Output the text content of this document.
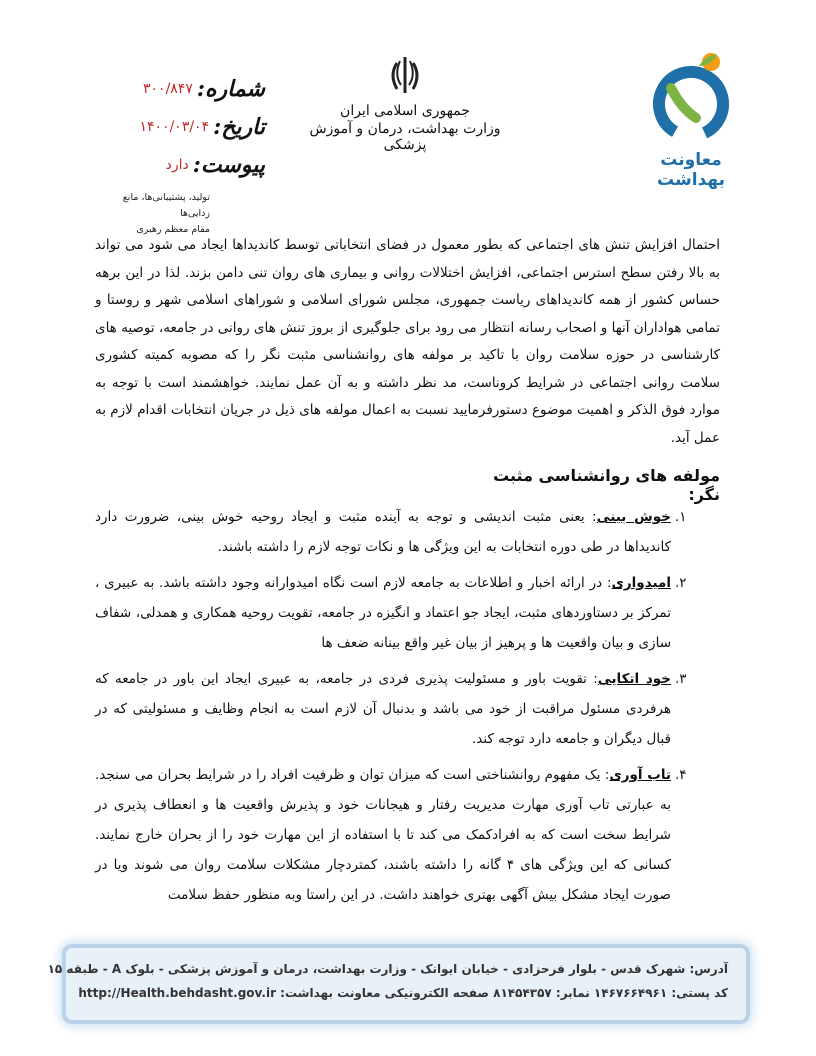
معاونت بهداشت
جمهوری اسلامی ایران
وزارت بهداشت، درمان و آموزش پزشکی
شماره:
۳۰۰/۸۴۷
تاریخ:
۱۴۰۰/۰۳/۰۴
پیوست:
دارد
تولید، پشتیبانی‌ها، مانع زدایی‌ها
مقام معظم رهبری
احتمال افزایش تنش های اجتماعی که بطور معمول در فضای انتخاباتی توسط کاندیداها ایجاد می شود می تواند به بالا رفتن سطح استرس اجتماعی، افزایش اختلالات روانی و بیماری های روان تنی دامن بزند. لذا در این برهه حساس کشور از همه کاندیداهای ریاست جمهوری، مجلس شورای اسلامی و شوراهای اسلامی شهر و روستا و تمامی هواداران آنها و اصحاب رسانه انتظار می رود برای جلوگیری از بروز تنش های روانی در جامعه، توصیه های کارشناسی در حوزه سلامت روان با تاکید بر مولفه های روانشناسی مثبت نگر را که مصوبه کمیته کشوری سلامت روانی اجتماعی در شرایط کروناست، مد نظر داشته و به آن عمل نمایند. خواهشمند است با توجه به موارد فوق الذکر و اهمیت موضوع دستورفرمایید نسبت به اعمال مولفه های ذیل در جریان انتخابات اقدام لازم به عمل آید.
مولفه های روانشناسی مثبت نگر:
۱.
خوش بینی: یعنی مثبت اندیشی و توجه به آینده مثبت و ایجاد روحیه خوش بینی، ضرورت دارد کاندیداها در طی دوره انتخابات به این ویژگی ها و نکات توجه لازم را داشته باشند.
۲.
امیدواری: در ارائه اخبار و اطلاعات به جامعه لازم است نگاه امیدوارانه وجود داشته باشد. به عبیری ، تمرکز بر دستاوردهای مثبت، ایجاد جو اعتماد و انگیزه در جامعه، تقویت روحیه همکاری و همدلی، شفاف سازی و بیان واقعیت ها و پرهیز از بیان غیر واقع بینانه ضعف ها
۳.
خود اتکایی: تقویت باور و مسئولیت پذیری فردی در جامعه، به عبیری ایجاد این باور در جامعه که هرفردی مسئول مراقبت از خود می باشد و بدنبال آن لازم است به انجام وظایف و مسئولیتی که در قبال دیگران و جامعه دارد توجه کند.
۴.
تاب آوری: یک مفهوم روانشناختی است که میزان توان و ظرفیت افراد را در شرایط بحران می سنجد. به عبارتی تاب آوری مهارت مدیریت رفتار و هیجانات خود و پذیرش واقعیت ها و انعطاف پذیری در شرایط سخت است که به افرادکمک می کند تا با استفاده از این مهارت خود را از بحران خارج نمایند. کسانی که این ویژگی های ۴ گانه را داشته باشند، کمتردچار مشکلات سلامت روان می شوند ویا در صورت ایجاد مشکل بیش آگهی بهتری خواهند داشت. در این راستا وبه منظور حفظ سلامت
آدرس: شهرک قدس - بلوار فرحزادی - خیابان ایوانک - وزارت بهداشت، درمان و آموزش پزشکی - بلوک A - طبقه ۱۵
کد پستی: ۱۴۶۷۶۶۴۹۶۱ نمابر: ۸۱۴۵۴۳۵۷ صفحه الکترونیکی معاونت بهداشت: http://Health.behdasht.gov.ir
